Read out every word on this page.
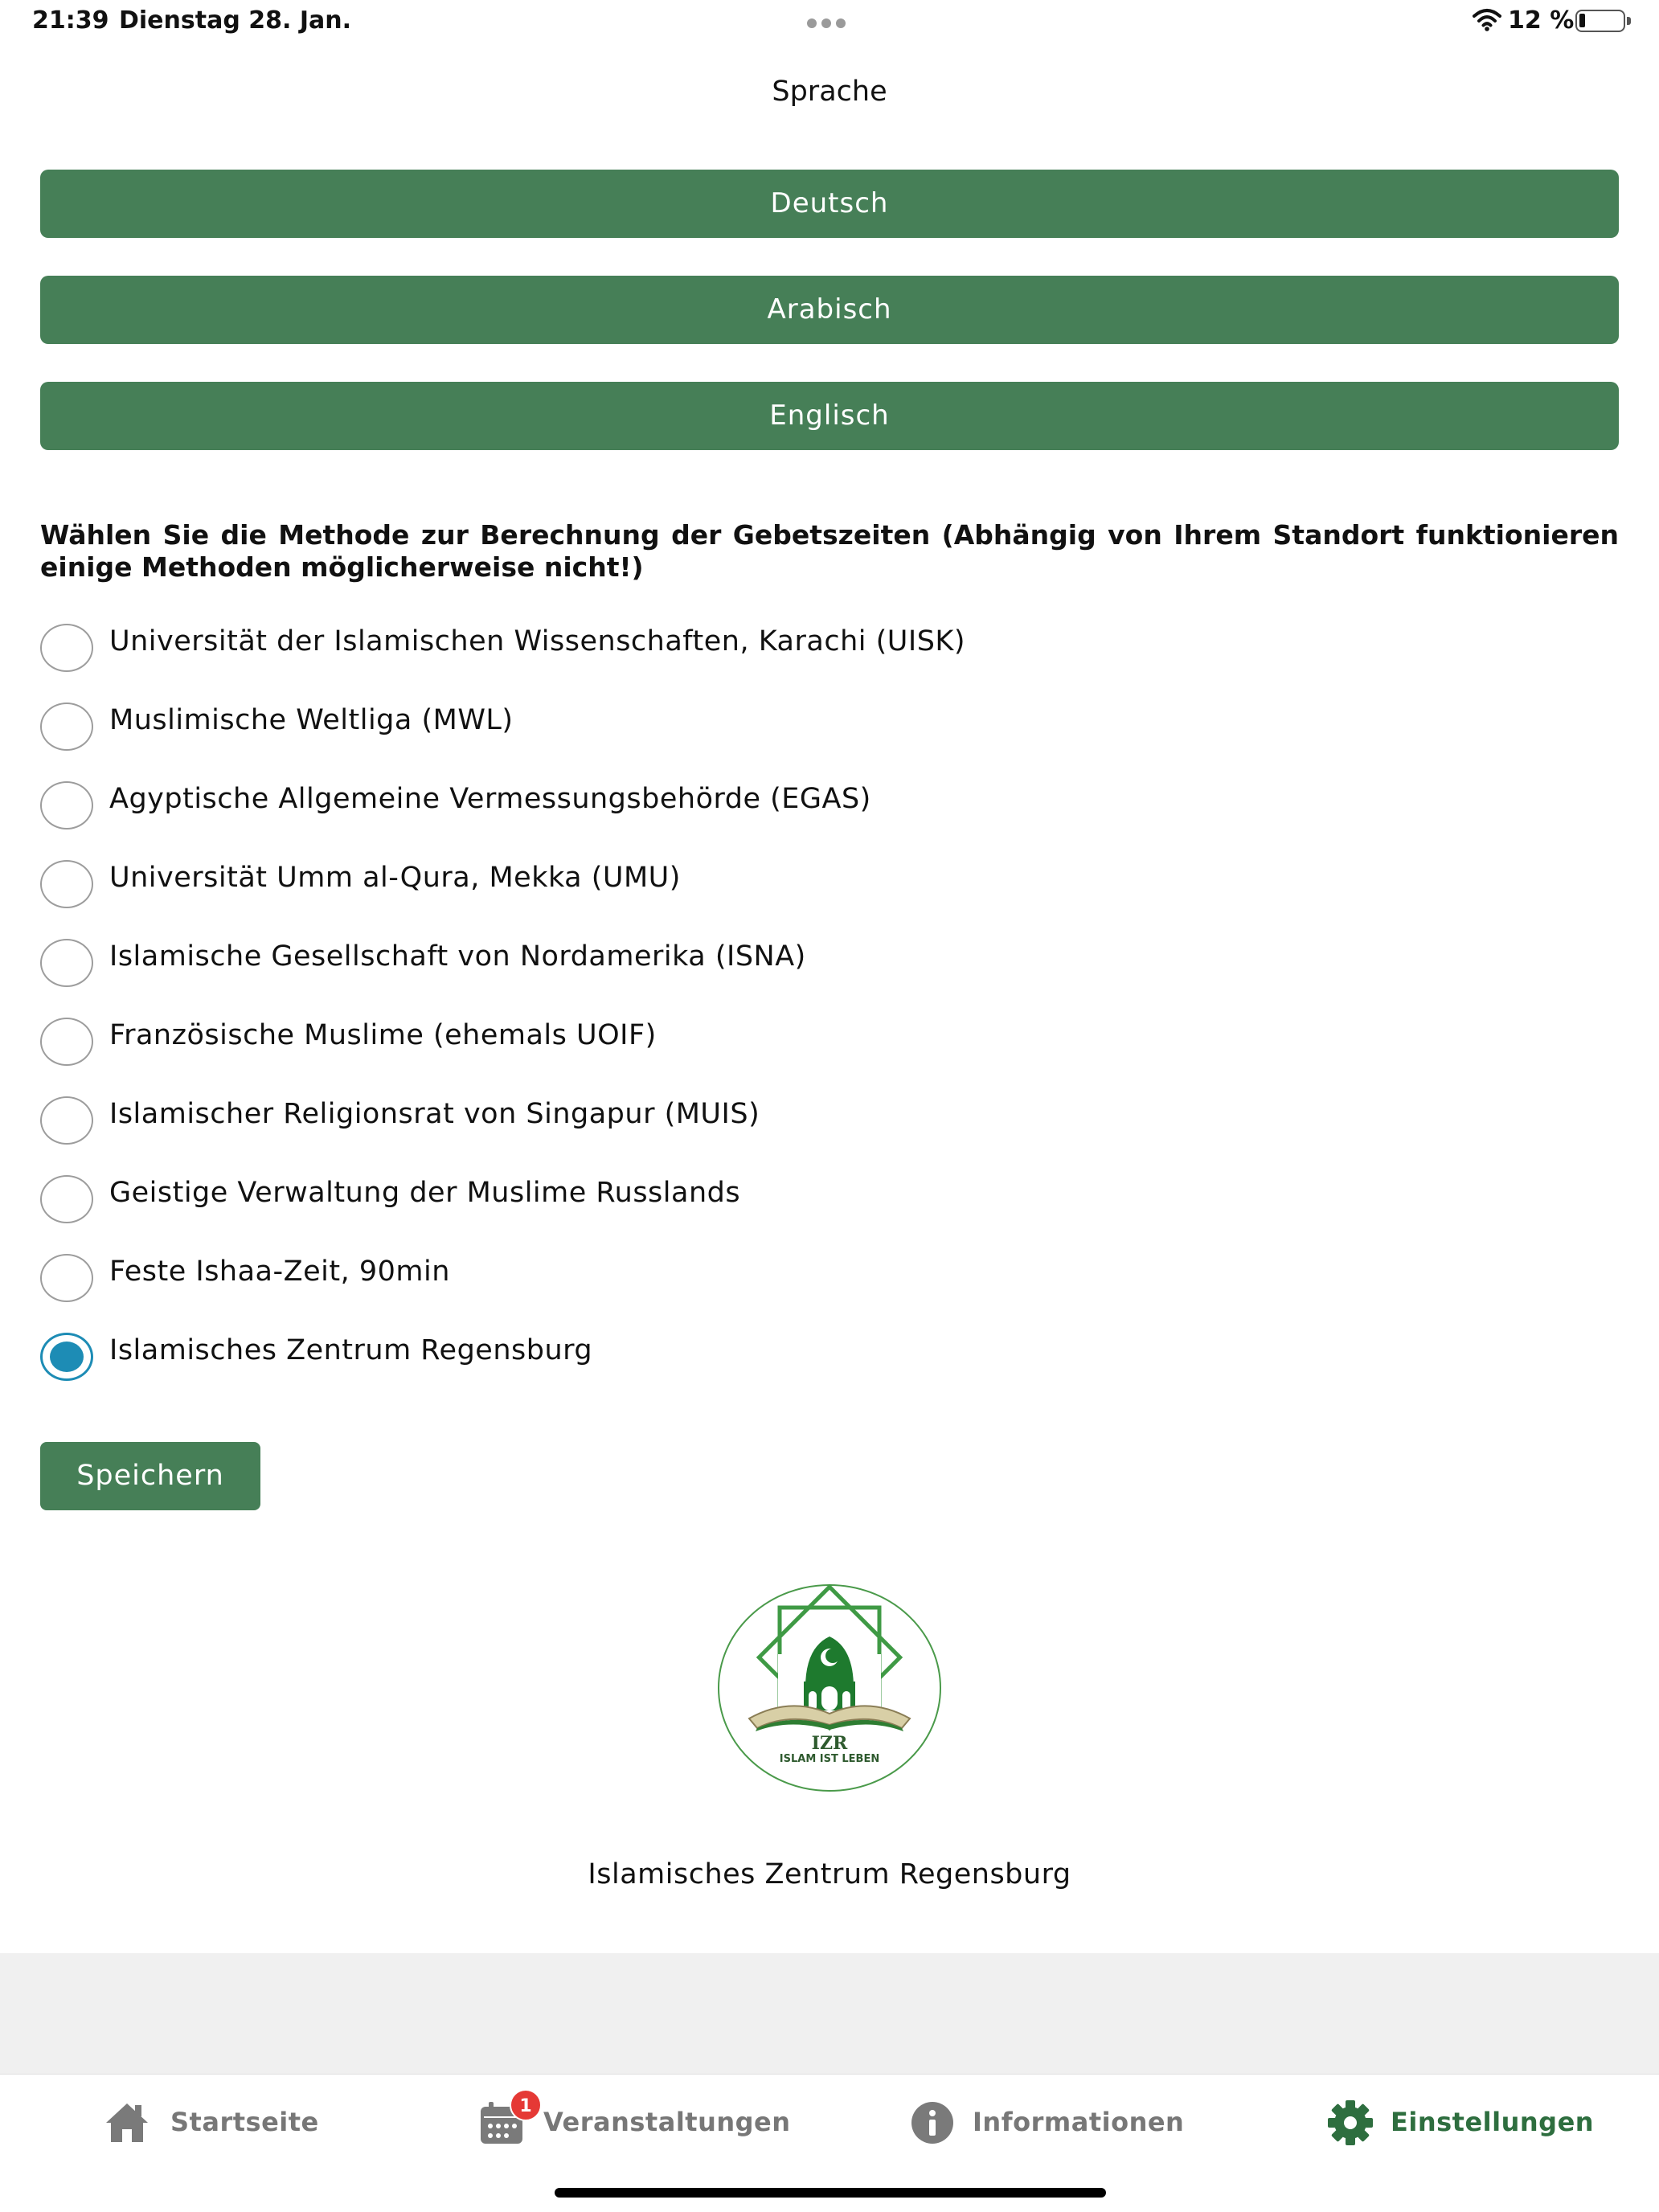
21:39 Dienstag 28. Jan.	12 %
Sprache
Deutsch
Arabisch
Englisch
Wählen Sie die Methode zur Berechnung der Gebetszeiten (Abhängig von Ihrem Standort funktionieren einige Methoden möglicherweise nicht!)
Universität der Islamischen Wissenschaften, Karachi (UISK)
Muslimische Weltliga (MWL)
Agyptische Allgemeine Vermessungsbehörde (EGAS)
Universität Umm al-Qura, Mekka (UMU)
Islamische Gesellschaft von Nordamerika (ISNA)
Französische Muslime (ehemals UOIF)
Islamischer Religionsrat von Singapur (MUIS)
Geistige Verwaltung der Muslime Russlands
Feste Ishaa-Zeit, 90min
Islamisches Zentrum Regensburg
Speichern
IZR
ISLAM IST LEBEN
Islamisches Zentrum Regensburg
Startseite
1
Veranstaltungen	Informationen	Einstellungen
